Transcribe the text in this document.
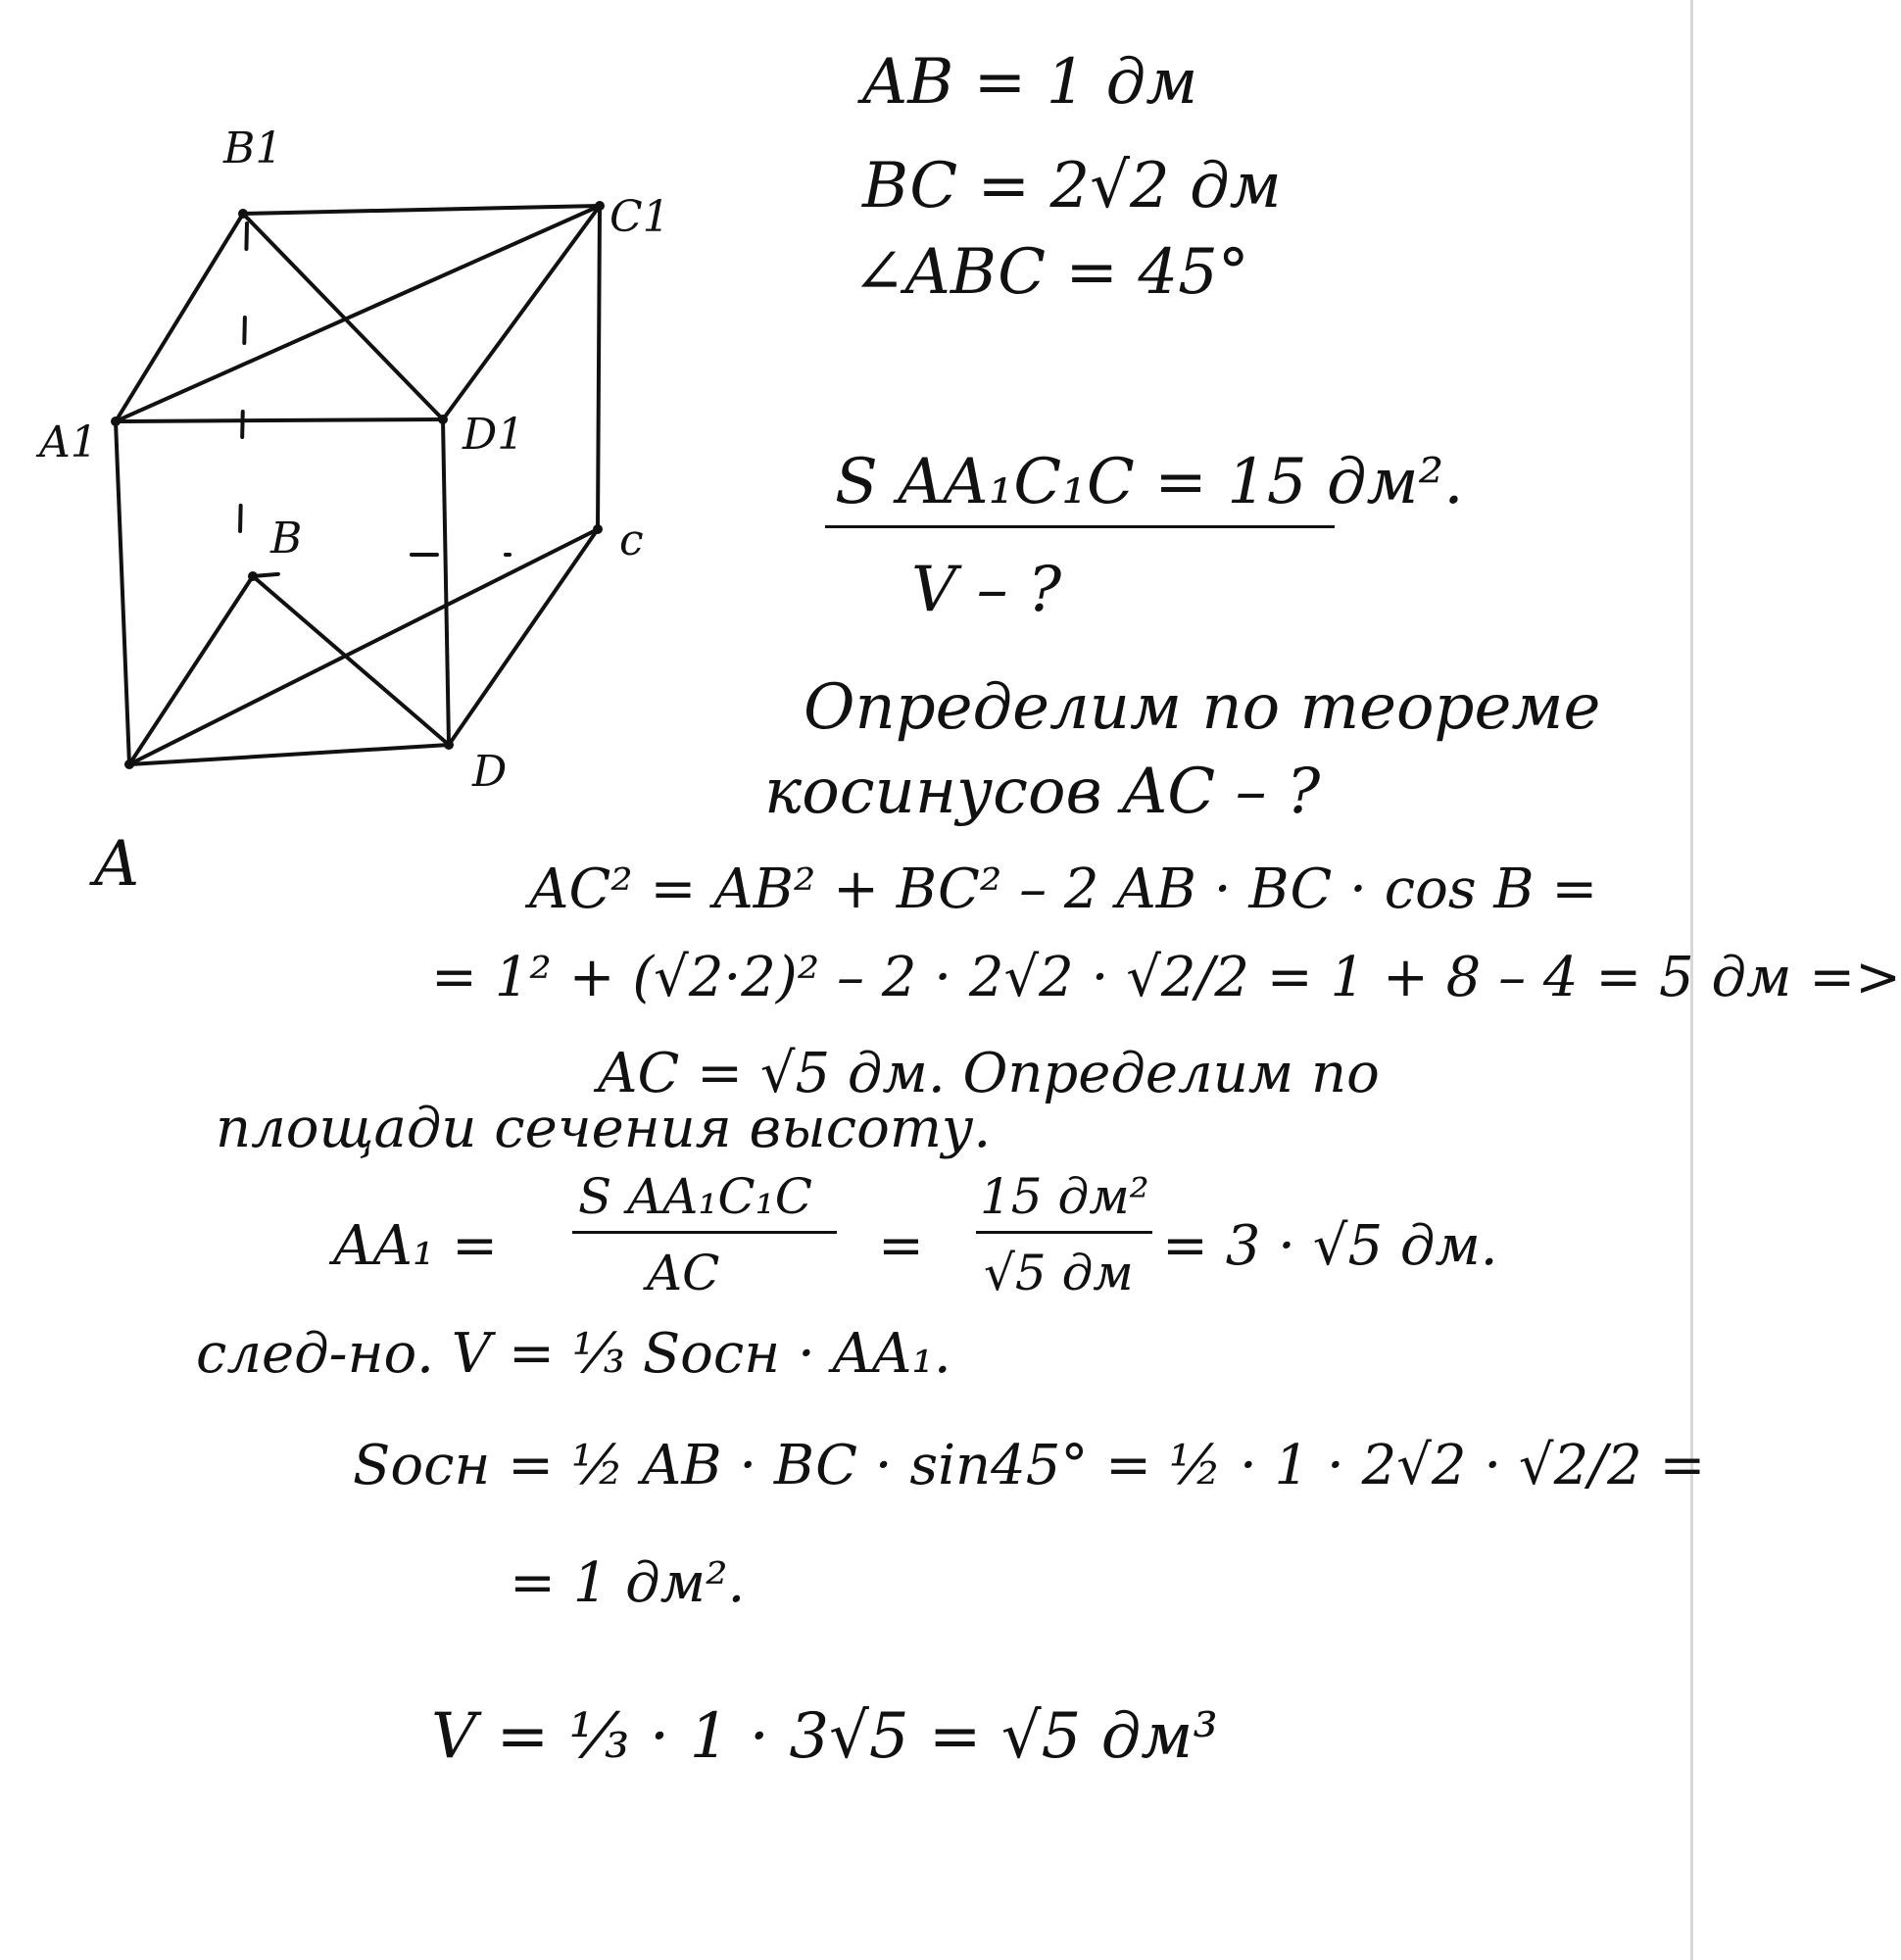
B1
C1
A1	D1
B	c
D
A
AB = 1 дм
BC = 2√2 дм
∠ABC = 45°
S AA₁C₁C = 15 дм².
V – ?
Определим по теореме
косинусов AC – ?
AC² = AB² + BC² – 2 AB · BC · cos B =
= 1² + (√2·2)² – 2 · 2√2 · √2/2 = 1 + 8 – 4 = 5 дм =>
AC = √5 дм. Определим по
площади сечения высоту.
AA₁ =
S AA₁C₁C
AC	=
15 дм²
√5 дм = 3 · √5 дм.
след-но. V = ⅓ Sосн · AA₁.
Sосн = ½ AB · BC · sin45° = ½ · 1 · 2√2 · √2/2 =
= 1 дм².
V = ⅓ · 1 · 3√5 = √5 дм³
